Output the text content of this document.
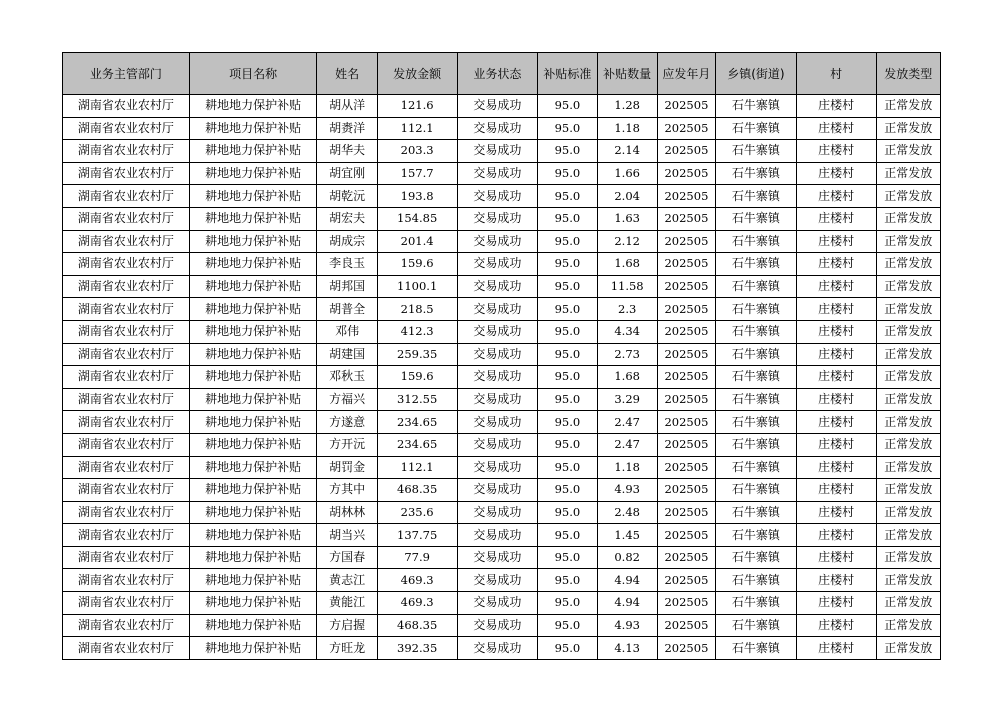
业务主管部门	项目名称	姓名	发放金额	业务状态	补贴标准	补贴数量	应发年月	乡镇(街道)	村	发放类型
湖南省农业农村厅	耕地地力保护补贴	胡从洋	121.6	交易成功	95.0	1.28	202505	石牛寨镇	庄楼村	正常发放
湖南省农业农村厅	耕地地力保护补贴	胡赉洋	112.1	交易成功	95.0	1.18	202505	石牛寨镇	庄楼村	正常发放
湖南省农业农村厅	耕地地力保护补贴	胡华夫	203.3	交易成功	95.0	2.14	202505	石牛寨镇	庄楼村	正常发放
湖南省农业农村厅	耕地地力保护补贴	胡宜刚	157.7	交易成功	95.0	1.66	202505	石牛寨镇	庄楼村	正常发放
湖南省农业农村厅	耕地地力保护补贴	胡乾沅	193.8	交易成功	95.0	2.04	202505	石牛寨镇	庄楼村	正常发放
湖南省农业农村厅	耕地地力保护补贴	胡宏夫	154.85	交易成功	95.0	1.63	202505	石牛寨镇	庄楼村	正常发放
湖南省农业农村厅	耕地地力保护补贴	胡成宗	201.4	交易成功	95.0	2.12	202505	石牛寨镇	庄楼村	正常发放
湖南省农业农村厅	耕地地力保护补贴	李良玉	159.6	交易成功	95.0	1.68	202505	石牛寨镇	庄楼村	正常发放
湖南省农业农村厅	耕地地力保护补贴	胡邦国	1100.1	交易成功	95.0	11.58	202505	石牛寨镇	庄楼村	正常发放
湖南省农业农村厅	耕地地力保护补贴	胡普全	218.5	交易成功	95.0	2.3	202505	石牛寨镇	庄楼村	正常发放
湖南省农业农村厅	耕地地力保护补贴	邓伟	412.3	交易成功	95.0	4.34	202505	石牛寨镇	庄楼村	正常发放
湖南省农业农村厅	耕地地力保护补贴	胡建国	259.35	交易成功	95.0	2.73	202505	石牛寨镇	庄楼村	正常发放
湖南省农业农村厅	耕地地力保护补贴	邓秋玉	159.6	交易成功	95.0	1.68	202505	石牛寨镇	庄楼村	正常发放
湖南省农业农村厅	耕地地力保护补贴	方福兴	312.55	交易成功	95.0	3.29	202505	石牛寨镇	庄楼村	正常发放
湖南省农业农村厅	耕地地力保护补贴	方遂意	234.65	交易成功	95.0	2.47	202505	石牛寨镇	庄楼村	正常发放
湖南省农业农村厅	耕地地力保护补贴	方开沅	234.65	交易成功	95.0	2.47	202505	石牛寨镇	庄楼村	正常发放
湖南省农业农村厅	耕地地力保护补贴	胡罚金	112.1	交易成功	95.0	1.18	202505	石牛寨镇	庄楼村	正常发放
湖南省农业农村厅	耕地地力保护补贴	方其中	468.35	交易成功	95.0	4.93	202505	石牛寨镇	庄楼村	正常发放
湖南省农业农村厅	耕地地力保护补贴	胡林林	235.6	交易成功	95.0	2.48	202505	石牛寨镇	庄楼村	正常发放
湖南省农业农村厅	耕地地力保护补贴	胡当兴	137.75	交易成功	95.0	1.45	202505	石牛寨镇	庄楼村	正常发放
湖南省农业农村厅	耕地地力保护补贴	方国春	77.9	交易成功	95.0	0.82	202505	石牛寨镇	庄楼村	正常发放
湖南省农业农村厅	耕地地力保护补贴	黄志江	469.3	交易成功	95.0	4.94	202505	石牛寨镇	庄楼村	正常发放
湖南省农业农村厅	耕地地力保护补贴	黄能江	469.3	交易成功	95.0	4.94	202505	石牛寨镇	庄楼村	正常发放
湖南省农业农村厅	耕地地力保护补贴	方启握	468.35	交易成功	95.0	4.93	202505	石牛寨镇	庄楼村	正常发放
湖南省农业农村厅	耕地地力保护补贴	方旺龙	392.35	交易成功	95.0	4.13	202505	石牛寨镇	庄楼村	正常发放
